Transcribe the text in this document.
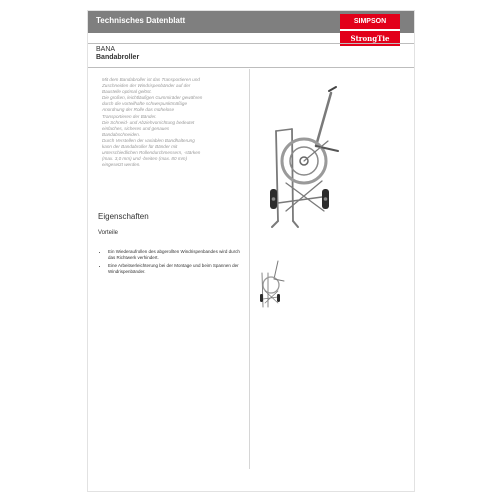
Technisches Datenblatt	SIMPSON
StrongTie
BANA
Bandabroller

Mit dem Bandabroller ist das Transportieren und
Zuschneiden der Windrispenbänder auf der
Baustelle optimal gelöst.
Die großen, leichtläufigen Gummiräder gewähren
durch die vorteilhafte schwerpunktmäßige
Anordnung der Rolle das mühelose
Transportieren der Bänder.
Die Schneid- und Abziehvorrichtung bedeutet
einfaches, sicheres und genaues
Bandabschneiden.
Durch Verstellen der variablen Bandhalterung
kann der Bandabroller für Bänder mit
unterschiedlichen Rollendurchmessern, -stärken
(max. 3,0 mm) und -breiten (max. 80 mm)
eingesetzt werden.

Eigenschaften
Vorteile
• Ein Wiederaufrollen des abgerollten Windrispenbandes wird durch das Richtwerk verhindert.
• Eine Arbeitserleichterung bei der Montage und beim Spannen der Windrispenbänder.
